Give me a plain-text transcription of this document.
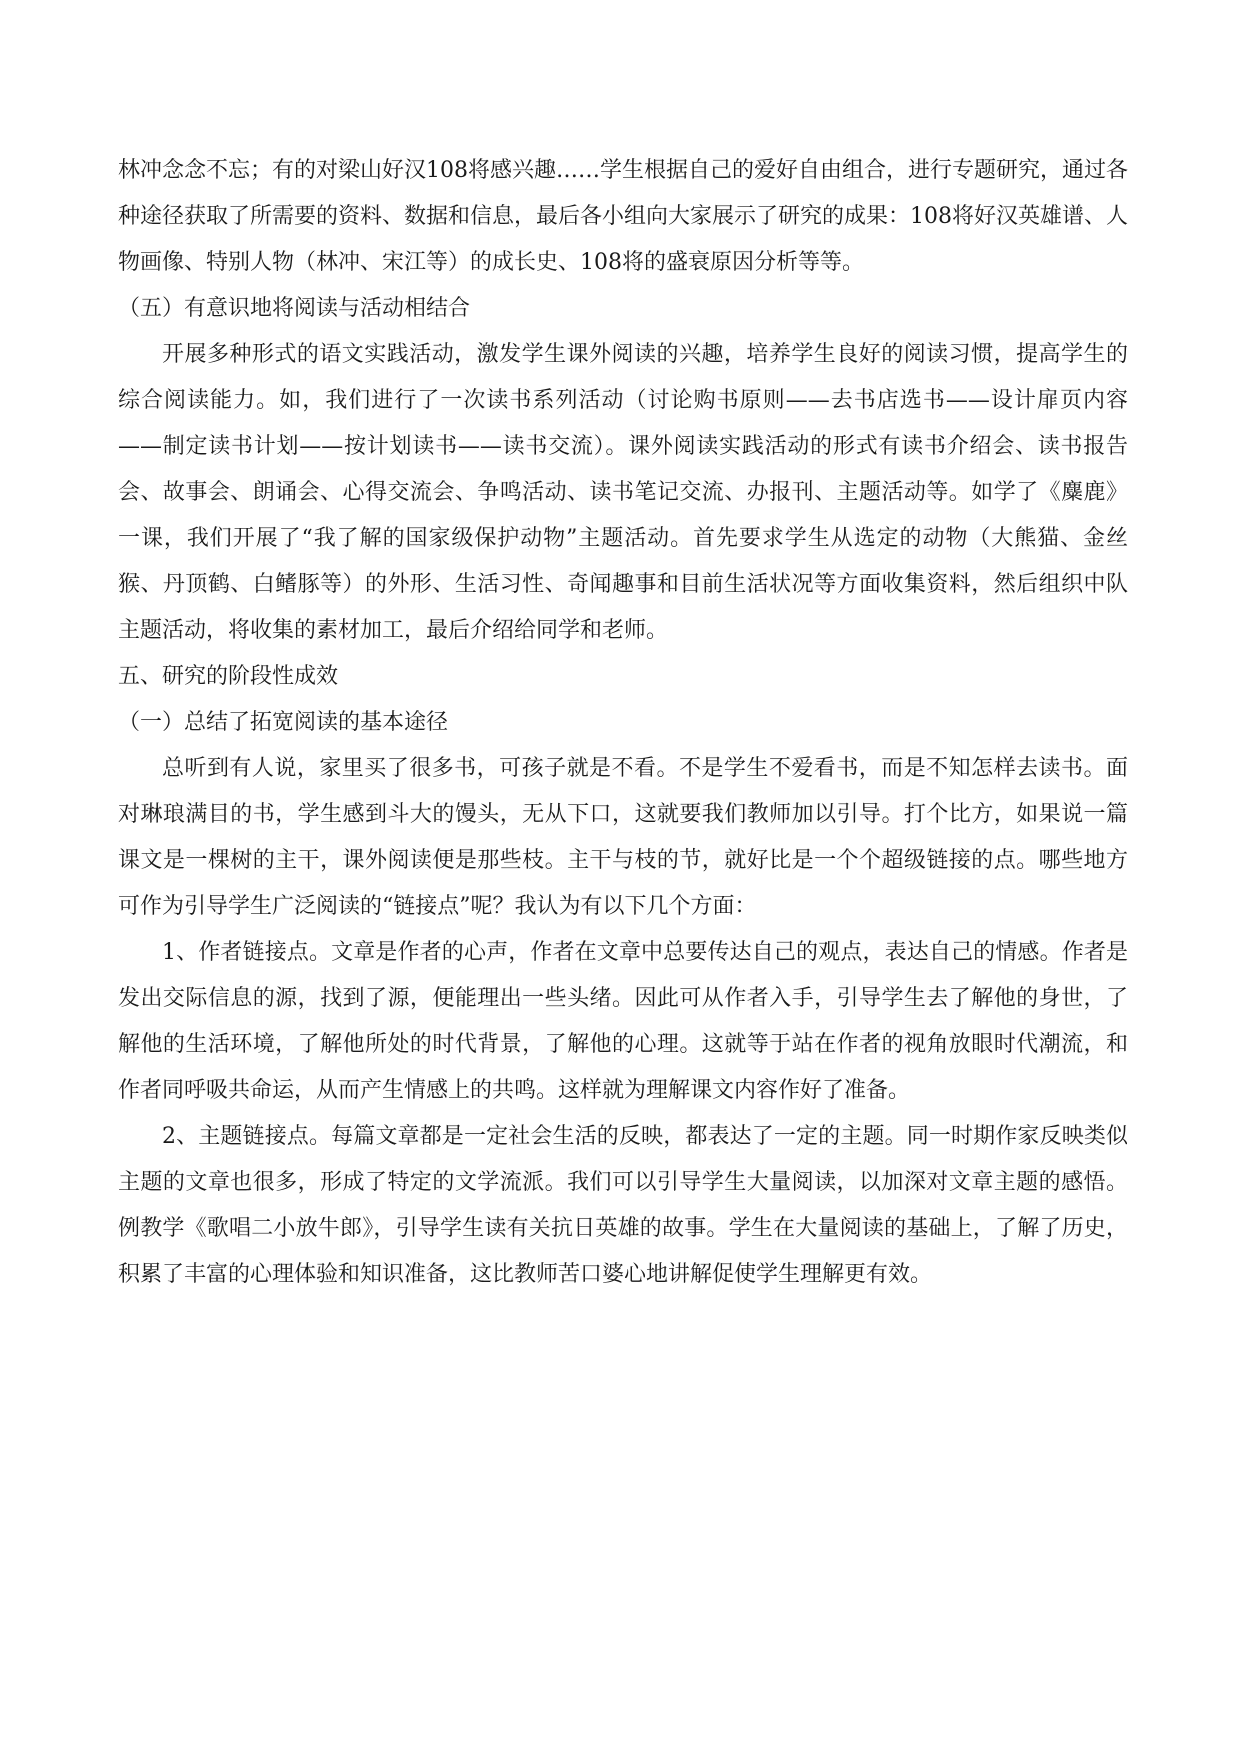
林冲念念不忘；有的对梁山好汉108将感兴趣……学生根据自己的爱好自由组合，进行专题研究，通过各种途径获取了所需要的资料、数据和信息，最后各小组向大家展示了研究的成果：108将好汉英雄谱、人物画像、特别人物（林冲、宋江等）的成长史、108将的盛衰原因分析等等。

（五）有意识地将阅读与活动相结合

开展多种形式的语文实践活动，激发学生课外阅读的兴趣，培养学生良好的阅读习惯，提高学生的综合阅读能力。如，我们进行了一次读书系列活动（讨论购书原则——去书店选书——设计扉页内容——制定读书计划——按计划读书——读书交流）。课外阅读实践活动的形式有读书介绍会、读书报告会、故事会、朗诵会、心得交流会、争鸣活动、读书笔记交流、办报刊、主题活动等。如学了《麋鹿》一课，我们开展了“我了解的国家级保护动物”主题活动。首先要求学生从选定的动物（大熊猫、金丝猴、丹顶鹤、白鳍豚等）的外形、生活习性、奇闻趣事和目前生活状况等方面收集资料，然后组织中队主题活动，将收集的素材加工，最后介绍给同学和老师。

五、研究的阶段性成效

（一）总结了拓宽阅读的基本途径

总听到有人说，家里买了很多书，可孩子就是不看。不是学生不爱看书，而是不知怎样去读书。面对琳琅满目的书，学生感到斗大的馒头，无从下口，这就要我们教师加以引导。打个比方，如果说一篇课文是一棵树的主干，课外阅读便是那些枝。主干与枝的节，就好比是一个个超级链接的点。哪些地方可作为引导学生广泛阅读的“链接点”呢？我认为有以下几个方面：

1、作者链接点。文章是作者的心声，作者在文章中总要传达自己的观点，表达自己的情感。作者是发出交际信息的源，找到了源，便能理出一些头绪。因此可从作者入手，引导学生去了解他的身世，了解他的生活环境，了解他所处的时代背景，了解他的心理。这就等于站在作者的视角放眼时代潮流，和作者同呼吸共命运，从而产生情感上的共鸣。这样就为理解课文内容作好了准备。

2、主题链接点。每篇文章都是一定社会生活的反映，都表达了一定的主题。同一时期作家反映类似主题的文章也很多，形成了特定的文学流派。我们可以引导学生大量阅读，以加深对文章主题的感悟。例教学《歌唱二小放牛郎》，引导学生读有关抗日英雄的故事。学生在大量阅读的基础上，了解了历史，积累了丰富的心理体验和知识准备，这比教师苦口婆心地讲解促使学生理解更有效。
